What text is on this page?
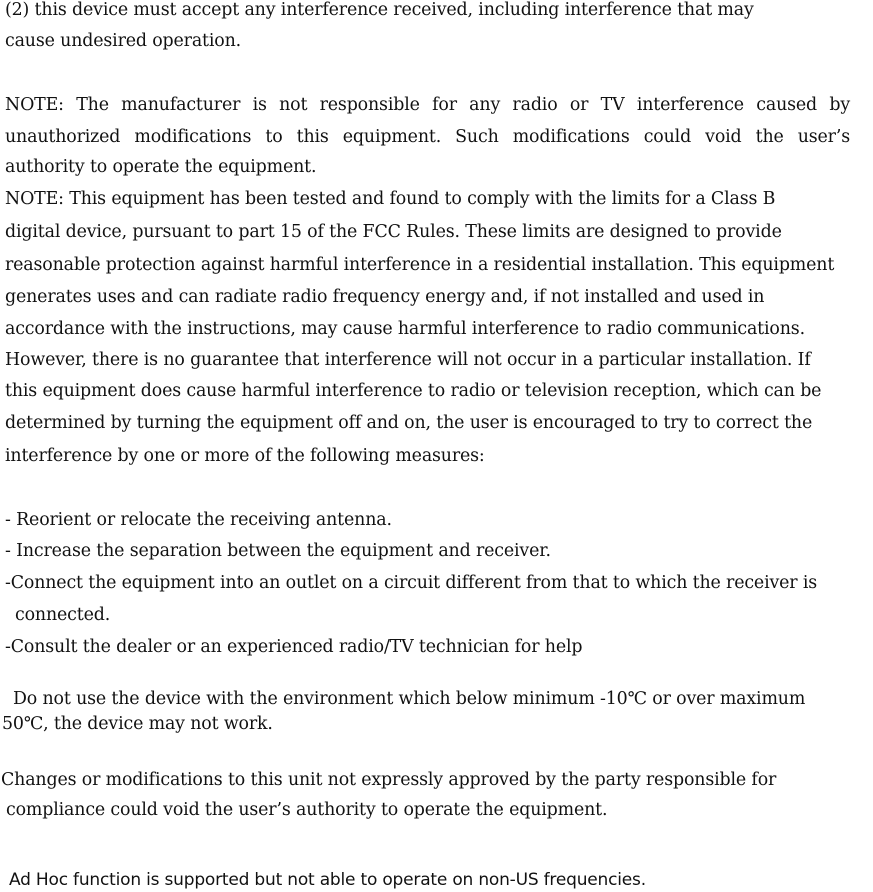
(2) this device must accept any interference received, including interference that may
cause undesired operation.
NOTE: The manufacturer is not responsible for any radio or TV interference caused by
unauthorized modifications to this equipment. Such modifications could void the user’s
authority to operate the equipment.
NOTE: This equipment has been tested and found to comply with the limits for a Class B
digital device, pursuant to part 15 of the FCC Rules. These limits are designed to provide
reasonable protection against harmful interference in a residential installation. This equipment
generates uses and can radiate radio frequency energy and, if not installed and used in
accordance with the instructions, may cause harmful interference to radio communications.
However, there is no guarantee that interference will not occur in a particular installation. If
this equipment does cause harmful interference to radio or television reception, which can be
determined by turning the equipment off and on, the user is encouraged to try to correct the
interference by one or more of the following measures:
- Reorient or relocate the receiving antenna.
- Increase the separation between the equipment and receiver.
-Connect the equipment into an outlet on a circuit different from that to which the receiver is
connected.
-Consult the dealer or an experienced radio/TV technician for help
Do not use the device with the environment which below minimum -10℃ or over maximum
50℃, the device may not work.
Changes or modifications to this unit not expressly approved by the party responsible for
compliance could void the user’s authority to operate the equipment.
Ad Hoc function is supported but not able to operate on non-US frequencies.
